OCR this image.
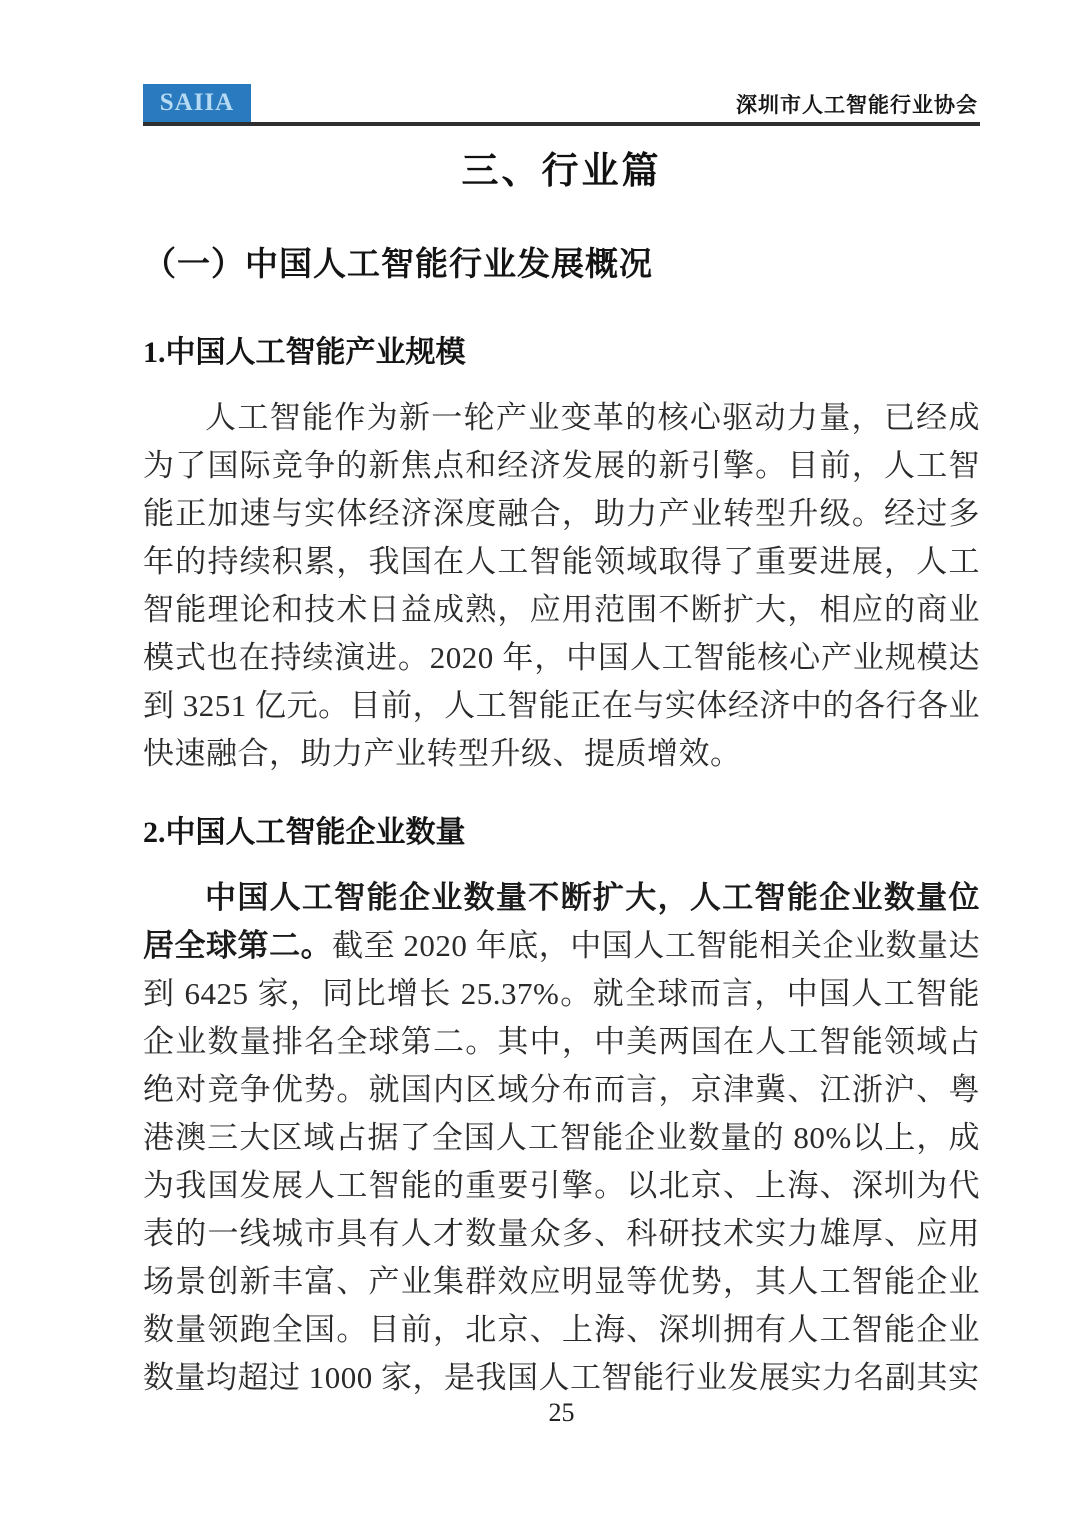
SAIIA	深圳市人工智能行业协会
三、行业篇
（一）中国人工智能行业发展概况
1.中国人工智能产业规模

人工智能作为新一轮产业变革的核心驱动力量，已经成为了国际竞争的新焦点和经济发展的新引擎。目前，人工智能正加速与实体经济深度融合，助力产业转型升级。经过多年的持续积累，我国在人工智能领域取得了重要进展，人工智能理论和技术日益成熟，应用范围不断扩大，相应的商业模式也在持续演进。2020 年，中国人工智能核心产业规模达到 3251 亿元。目前，人工智能正在与实体经济中的各行各业快速融合，助力产业转型升级、提质增效。

2.中国人工智能企业数量

中国人工智能企业数量不断扩大，人工智能企业数量位居全球第二。截至 2020 年底，中国人工智能相关企业数量达到 6425 家，同比增长 25.37%。就全球而言，中国人工智能企业数量排名全球第二。其中，中美两国在人工智能领域占绝对竞争优势。就国内区域分布而言，京津冀、江浙沪、粤港澳三大区域占据了全国人工智能企业数量的 80%以上，成为我国发展人工智能的重要引擎。以北京、上海、深圳为代表的一线城市具有人才数量众多、科研技术实力雄厚、应用场景创新丰富、产业集群效应明显等优势，其人工智能企业数量领跑全国。目前，北京、上海、深圳拥有人工智能企业数量均超过 1000 家，是我国人工智能行业发展实力名副其实

25
